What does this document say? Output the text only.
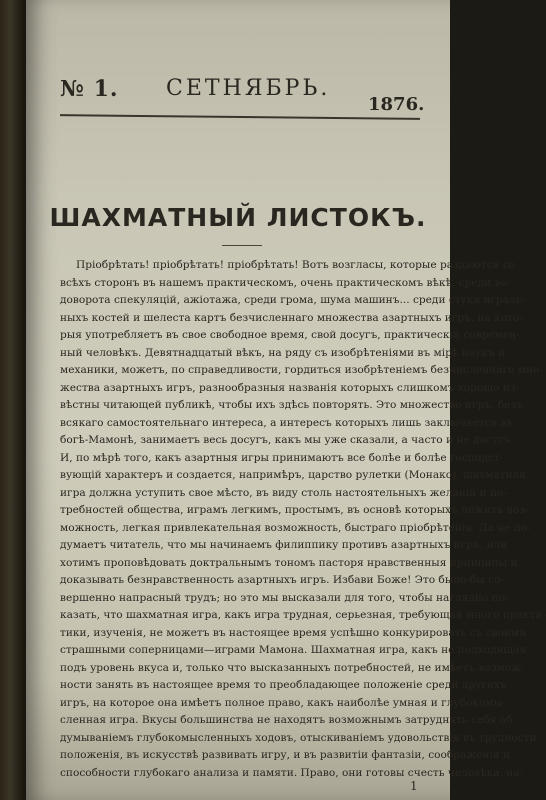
№ 1. СЕТНЯБРЬ.
1876.
ШАХМАТНЫЙ ЛИСТОКЪ.
Пріобрѣтать! пріобрѣтать! пріобрѣтать! Вотъ возгласы, которые раздаются со
всѣхъ сторонъ въ нашемъ практическомъ, очень практическомъ вѣкѣ, среди во-
доворота спекуляцій, ажіотажа, среди грома, шума машинъ... среди стука играль-
ныхъ костей и шелеста картъ безчисленнаго множества азартныхъ игръ, на кото-
рыя употребляетъ въ свое свободное время, свой досугъ, практическій современ-
ный человѣкъ. Девятнадцатый вѣкъ, на ряду съ изобрѣтеніями въ мірѣ наукъ и
механики, можетъ, по справедливости, гордиться изобрѣтеніемъ безчисленнаго мно-
жества азартныхъ игръ, разнообразныя названія которыхъ слишкомъ хорошо из-
вѣстны читающей публикѣ, чтобы ихъ здѣсь повторять. Это множество игръ, безъ
всякаго самостоятельнаго интереса, а интересъ которыхъ лишь заключается въ
богѣ-Мамонѣ, занимаетъ весь досугъ, какъ мы уже сказали, а часто и не досугъ.
И, по мѣрѣ того, какъ азартныя игры принимаютъ все болѣе и болѣе господст-
вующій характеръ и создается, напримѣръ, царство рулетки (Монако), шахматная
игра должна уступить свое мѣсто, въ виду столь настоятельныхъ желаній и по-
требностей общества, играмъ легкимъ, простымъ, въ основѣ которыхъ лежитъ воз-
можность, легкая привлекательная возможность, быстраго пріобрѣтенія. Да не по-
думаетъ читатель, что мы начинаемъ филиппику противъ азартныхъ игръ, или
хотимъ проповѣдовать доктральнымъ тономъ пасторя нравственныя принципы и
доказывать безнравственность азартныхъ игръ. Избави Боже! Это было-бы со-
вершенно напрасный трудъ; но это мы высказали для того, чтобы наглядно по-
казать, что шахматная игра, какъ игра трудная, серьезная, требующая много практи-
тики, изученія, не можетъ въ настоящее время успѣшно конкурировать съ своими
страшными соперницами—играми Мамона. Шахматная игра, какъ не подходящая
подъ уровень вкуса и, только что высказанныхъ потребностей, не имѣетъ возмож-
ности занять въ настоящее время то преобладающее положеніе среди другихъ
игръ, на которое она имѣетъ полное право, какъ наиболѣе умная и глубокомы-
сленная игра. Вкусы большинства не находятъ возможнымъ затруднять себя об-
думываніемъ глубокомысленныхъ ходовъ, отыскиваніемъ удовольствія въ трудности
положенія, въ искусствѣ развивать игру, и въ развитіи фантазіи, соображенія и
способности глубокаго анализа и памяти. Право, они готовы счесть человѣка, на-
1
